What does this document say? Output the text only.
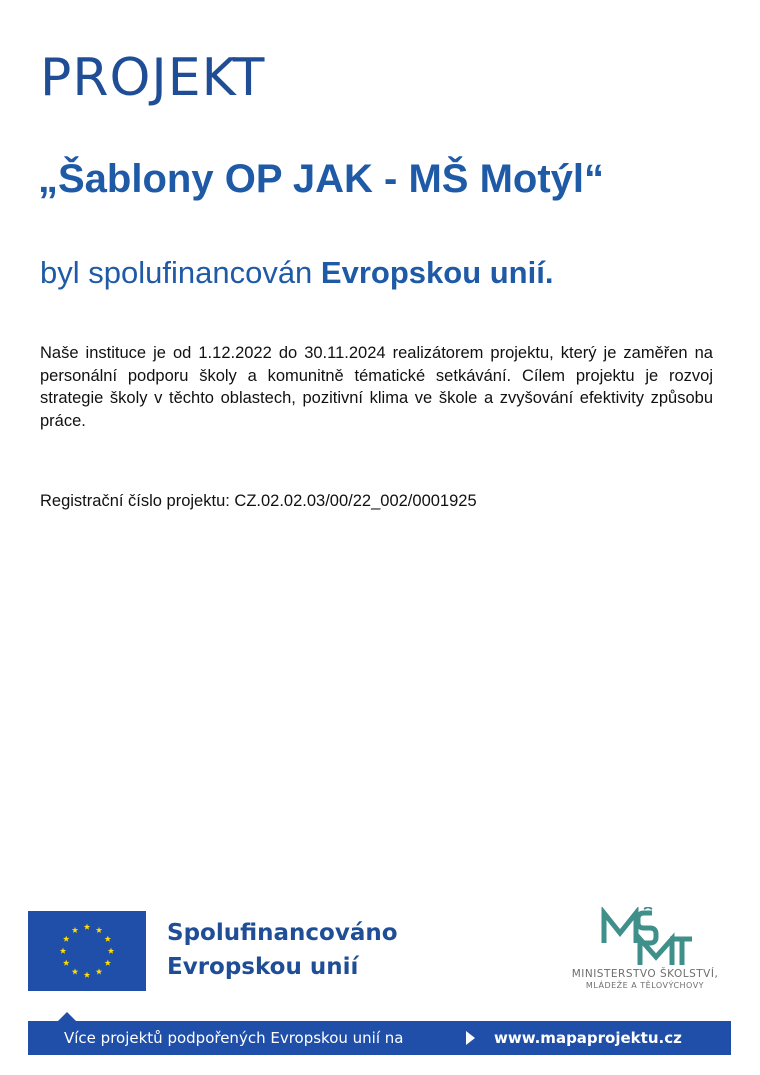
PROJEKT
„Šablony OP JAK - MŠ Motýl“

byl spolufinancován Evropskou unií.

Naše instituce je od 1.12.2022 do 30.11.2024 realizátorem projektu, který je zaměřen na personální podporu školy a komunitně tématické setkávání. Cílem projektu je rozvoj strategie školy v těchto oblastech, pozitivní klima ve škole a zvyšování efektivity způsobu práce.

Registrační číslo projektu: CZ.02.02.03/00/22_002/0001925

Spolufinancováno
Evropskou unií	MINISTERSTVO ŠKOLSTVÍ,
MLÁDEŽE A TĚLOVÝCHOVY
Více projektů podpořených Evropskou unií na	www.mapaprojektu.cz
